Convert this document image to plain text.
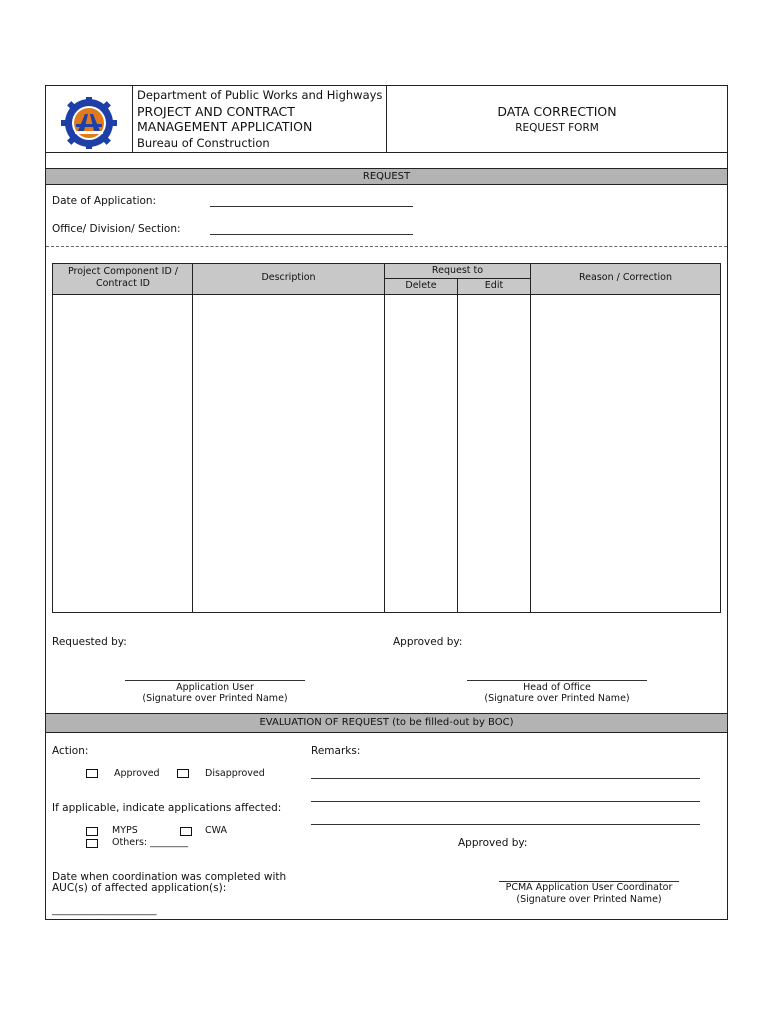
Department of Public Works and Highways
PROJECT AND CONTRACT
MANAGEMENT APPLICATION
Bureau of Construction
DATA CORRECTION
REQUEST FORM
REQUEST
Date of Application:
Office/ Division/ Section:
Project Component ID / Contract ID
Description
Request to
Delete	Edit
Reason / Correction
Requested by:	Approved by:
Application User
(Signature over Printed Name)
Head of Office
(Signature over Printed Name)
EVALUATION OF REQUEST (to be filled-out by BOC)
Action:
Approved	Disapproved
Remarks:
If applicable, indicate applications affected:
MYPS	CWA
Others: ________	Approved by:
Date when coordination was completed with
AUC(s) of affected application(s):
______________________
PCMA Application User Coordinator
(Signature over Printed Name)
